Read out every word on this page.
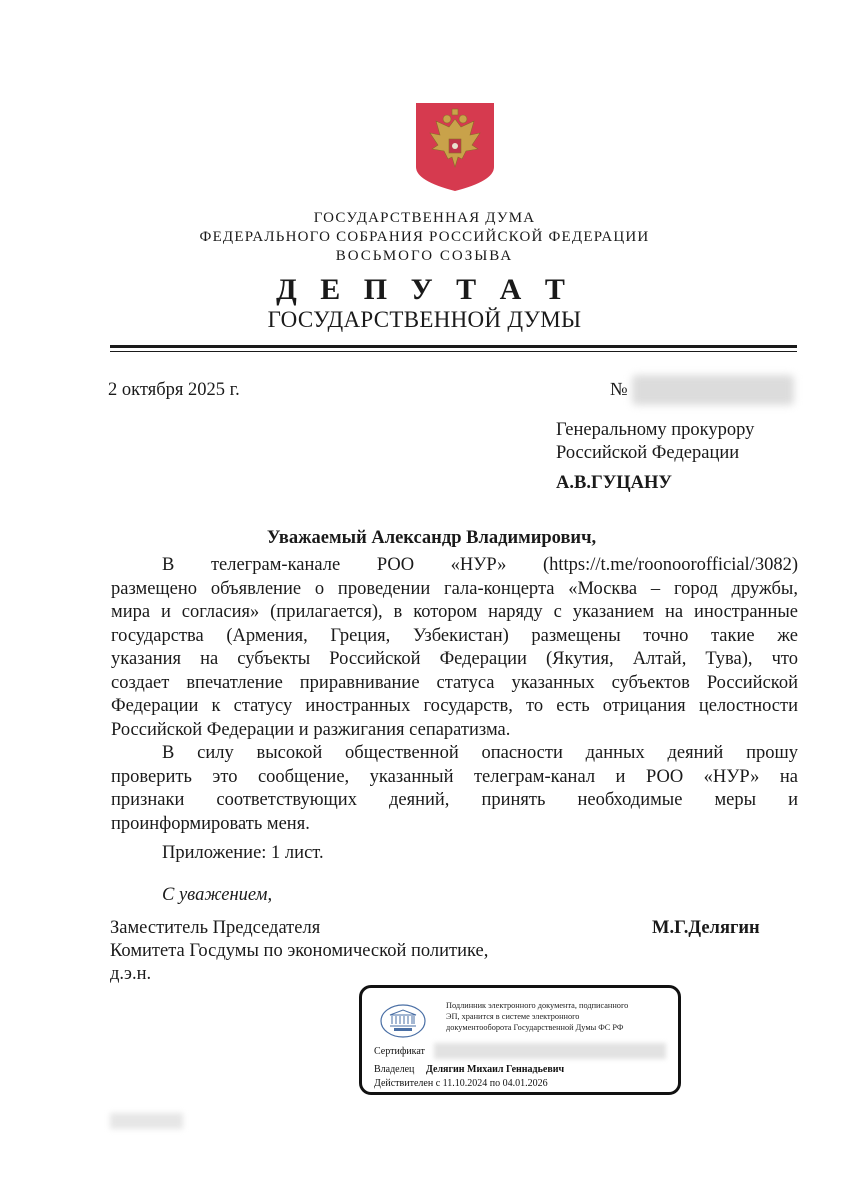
ГОСУДАРСТВЕННАЯ ДУМА
ФЕДЕРАЛЬНОГО СОБРАНИЯ РОССИЙСКОЙ ФЕДЕРАЦИИ
ВОСЬМОГО СОЗЫВА
Д Е П У Т А Т
ГОСУДАРСТВЕННОЙ ДУМЫ
2 октября 2025 г.	№
Генеральному прокурору
Российской Федерации
А.В.ГУЦАНУ
Уважаемый Александр Владимирович,
В телеграм-канале РОО «НУР» (https://t.me/roonoorofficial/3082)
размещено объявление о проведении гала-концерта «Москва – город дружбы,
мира и согласия» (прилагается), в котором наряду с указанием на иностранные
государства (Армения, Греция, Узбекистан) размещены точно такие же
указания на субъекты Российской Федерации (Якутия, Алтай, Тува), что
создает впечатление приравнивание статуса указанных субъектов Российской
Федерации к статусу иностранных государств, то есть отрицания целостности
Российской Федерации и разжигания сепаратизма.
В силу высокой общественной опасности данных деяний прошу
проверить это сообщение, указанный телеграм-канал и РОО «НУР» на
признаки соответствующих деяний, принять необходимые меры и
проинформировать меня.
Приложение: 1 лист.
С уважением,
Заместитель Председателя
Комитета Госдумы по экономической политике,
д.э.н.
М.Г.Делягин
Подлинник электронного документа, подписанного
ЭП, хранится в системе электронного
документооборота Государственной Думы ФС РФ
Сертификат
Владелец Делягин Михаил Геннадьевич
Действителен с 11.10.2024 по 04.01.2026
